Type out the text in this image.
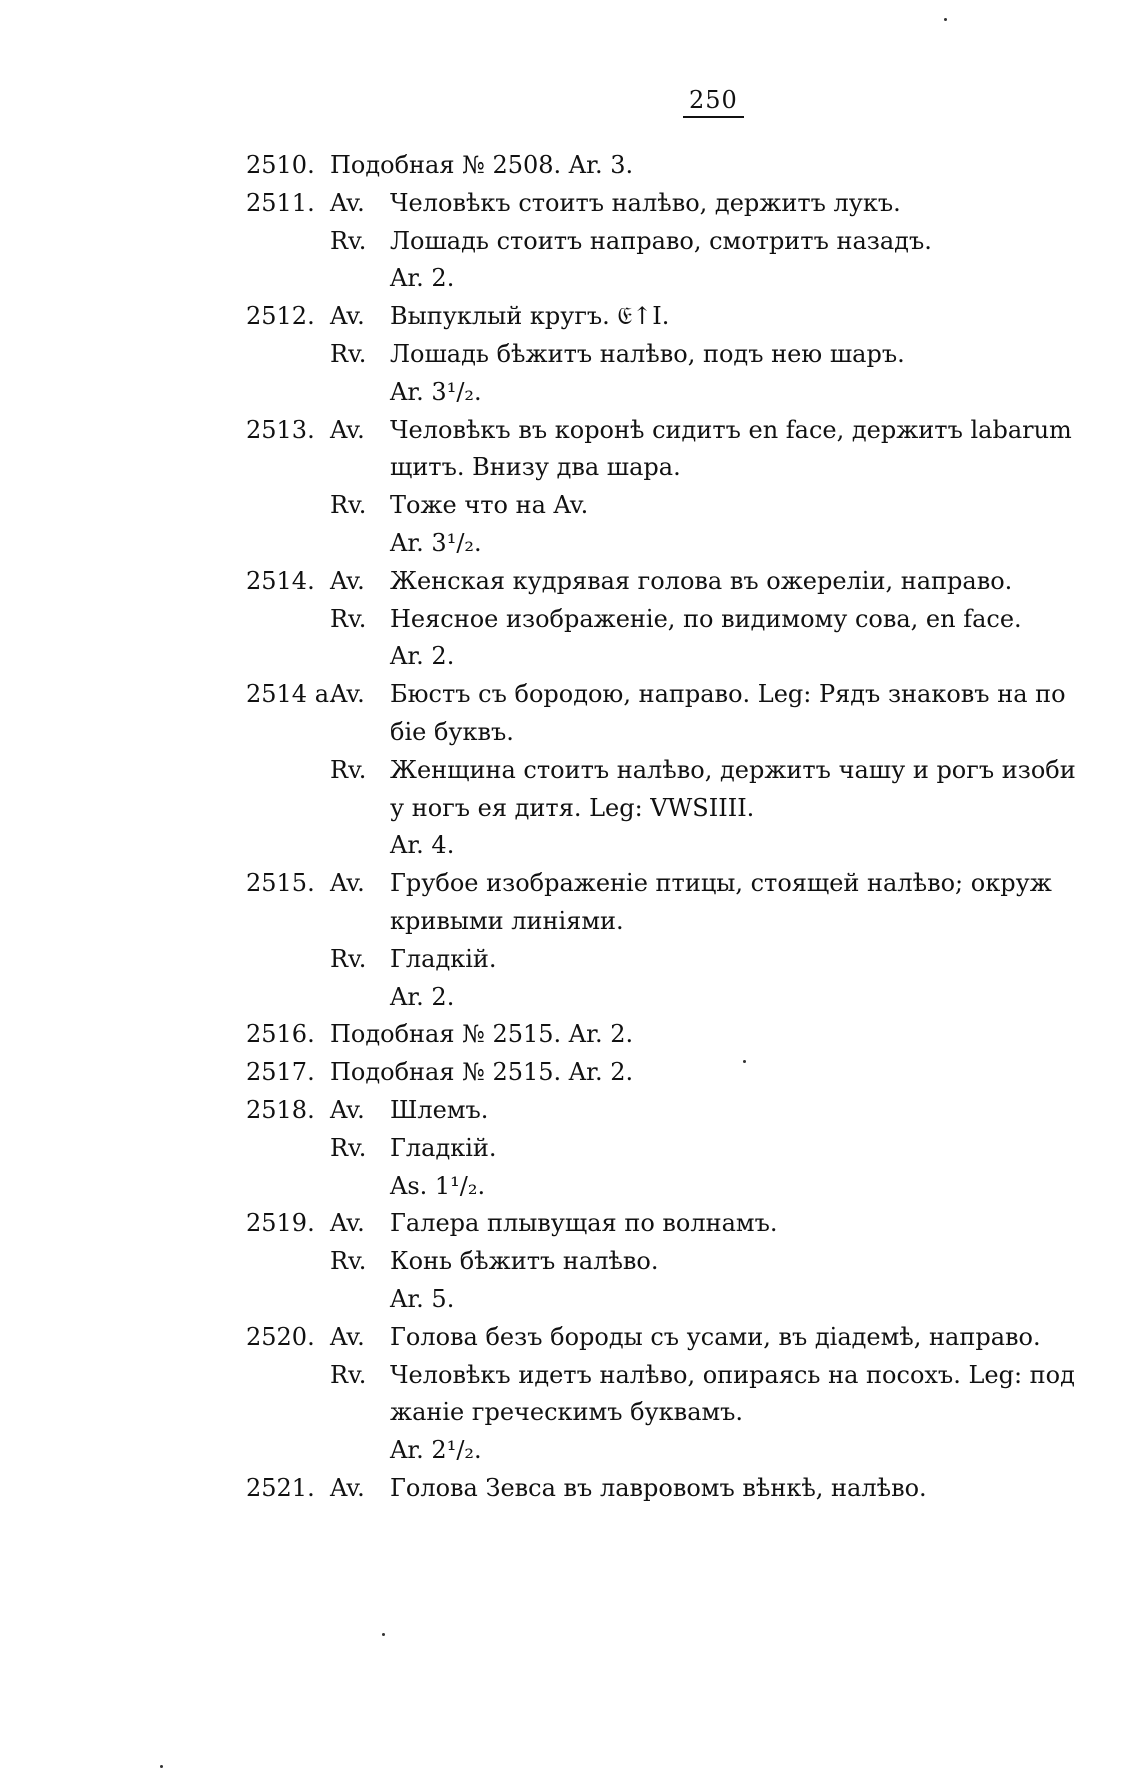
250
2510. Подобная № 2508. Ar. 3.
2511. Av. Человѣкъ стоитъ налѣво, держитъ лукъ.
Rv. Лошадь стоитъ направо, смотритъ назадъ.
Ar. 2.
2512. Av. Выпуклый кругъ. 𝔈↑I.
Rv. Лошадь бѣжитъ налѣво, подъ нею шаръ.
Ar. 3¹/₂.
2513. Av. Человѣкъ въ коронѣ сидитъ en face, держитъ labarum
щитъ. Внизу два шара.
Rv. Тоже что на Av.
Ar. 3¹/₂.
2514. Av. Женская кудрявая голова въ ожерелiи, направо.
Rv. Неясное изображенiе, по видимому сова, en face.
Ar. 2.
2514 a.
Av. Бюстъ съ бородою, направо. Leg: Рядъ знаковъ на по
бiе буквъ.
Rv. Женщина стоитъ налѣво, держитъ чашу и рогъ изоби
у ногъ ея дитя. Leg: VWSIIII.
Ar. 4.
2515. Av. Грубое изображенiе птицы, стоящей налѣво; окруж
кривыми линiями.
Rv. Гладкiй.
Ar. 2.
2516. Подобная № 2515. Ar. 2.
2517. Подобная № 2515. Ar. 2.
2518. Av. Шлемъ.
Rv. Гладкiй.
As. 1¹/₂.
2519. Av. Галера плывущая по волнамъ.
Rv. Конь бѣжитъ налѣво.
Ar. 5.
2520. Av. Голова безъ бороды съ усами, въ дiадемѣ, направо.
Rv. Человѣкъ идетъ налѣво, опираясь на посохъ. Leg: под
жанiе греческимъ буквамъ.
Ar. 2¹/₂.
2521. Av. Голова Зевса въ лавровомъ вѣнкѣ, налѣво.
